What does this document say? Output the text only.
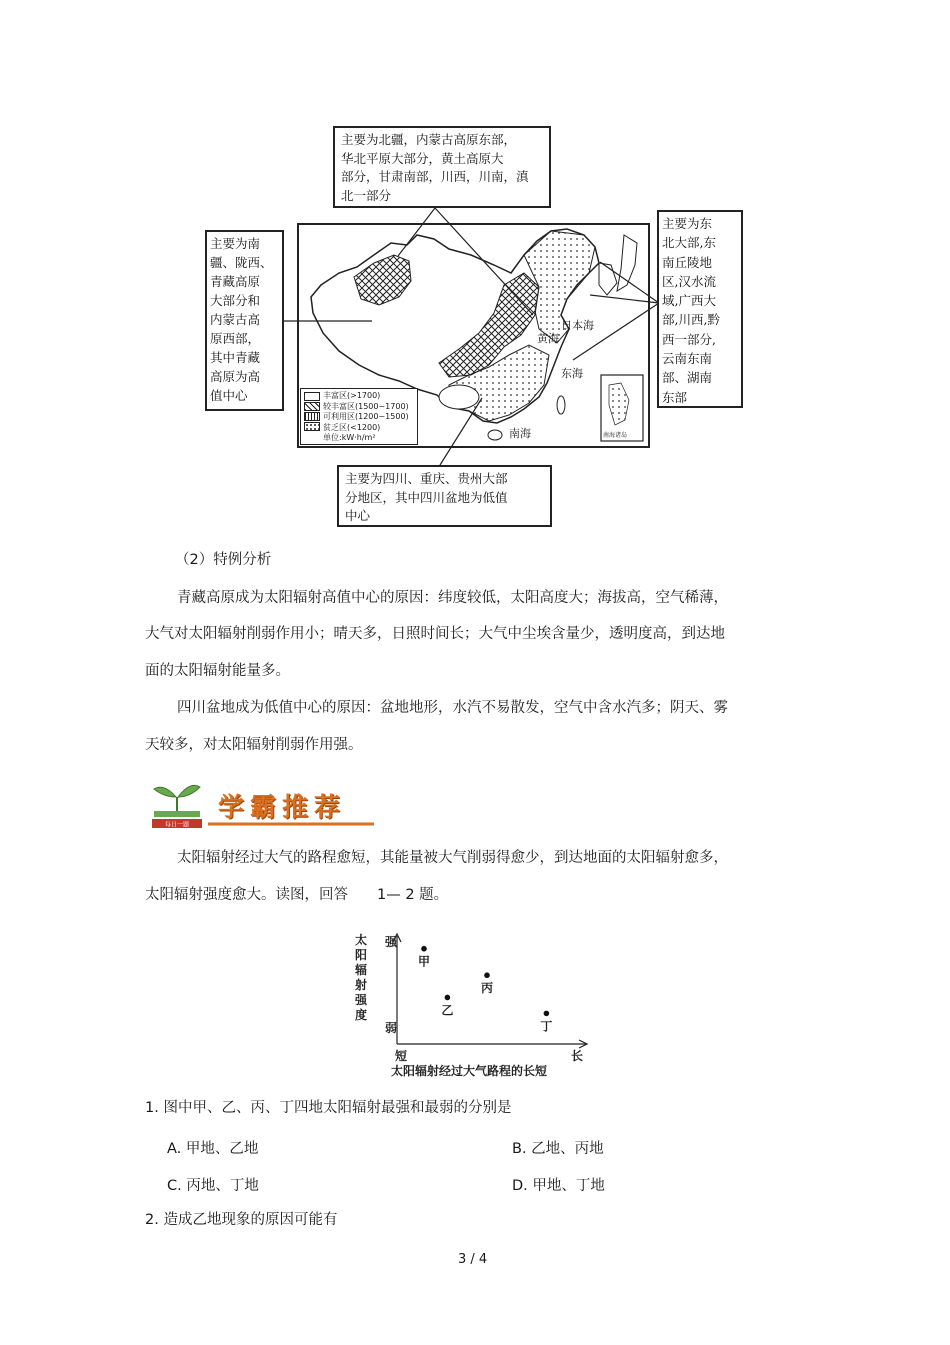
日本海
黄海
东海
南海	南海诸岛
丰富区(>1700)
较丰富区(1500~1700)
可利用区(1200~1500)
贫乏区(<1200)
单位:kW·h/m²
主要为北疆，内蒙古高原东部，
华北平原大部分，黄土高原大
部分，甘肃南部，川西，川南，滇
北一部分
主要为南
疆、陇西、
青藏高原
大部分和
内蒙古高
原西部，
其中青藏
高原为高
值中心
主要为东
北大部,东
南丘陵地
区,汉水流
域,广西大
部,川西,黔
西一部分,
云南东南
部、湖南
东部
主要为四川、重庆、贵州大部
分地区，其中四川盆地为低值
中心
（2）特例分析
青藏高原成为太阳辐射高值中心的原因：纬度较低，太阳高度大；海拔高，空气稀薄，
大气对太阳辐射削弱作用小；晴天多，日照时间长；大气中尘埃含量少，透明度高，到达地
面的太阳辐射能量多。
四川盆地成为低值中心的原因：盆地地形，水汽不易散发，空气中含水汽多；阴天、雾
天较多，对太阳辐射削弱作用强。
每日一题
学霸推荐
太阳辐射经过大气的路程愈短，其能量被大气削弱得愈少，到达地面的太阳辐射愈多，
太阳辐射强度愈大。读图，回答　　1— 2 题。
强
弱
短	长
太阳辐射经过大气路程的长短
太阳辐射强度
甲
乙
丙
丁
1. 图中甲、乙、丙、丁四地太阳辐射最强和最弱的分别是
A. 甲地、乙地	B. 乙地、丙地
C. 丙地、丁地	D. 甲地、丁地
2. 造成乙地现象的原因可能有
3 / 4
